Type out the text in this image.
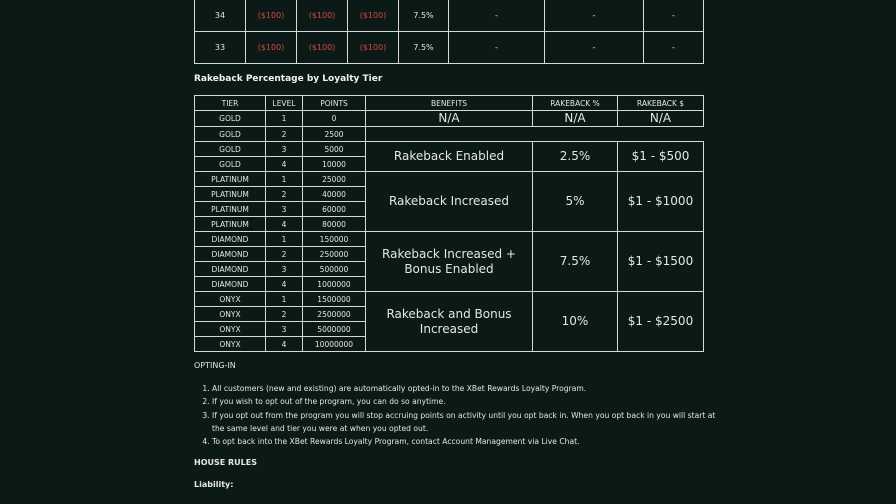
34	($100)	($100)	($100)	7.5%	-	-	-
33	($100)	($100)	($100)	7.5%	-	-	-
Rakeback Percentage by Loyalty Tier
TIER	LEVEL	POINTS	BENEFITS	RAKEBACK %	RAKEBACK $
GOLD	1	0	N/A	N/A	N/A
GOLD	2	2500			
GOLD	3	5000	Rakeback Enabled	2.5%	$1 - $500
GOLD	4	10000			
PLATINUM	1	25000	Rakeback Increased	5%	$1 - $1000
PLATINUM	2	40000			
PLATINUM	3	60000			
PLATINUM	4	80000			
DIAMOND	1	150000	Rakeback Increased + Bonus Enabled	7.5%	$1 - $1500
DIAMOND	2	250000			
DIAMOND	3	500000			
DIAMOND	4	1000000			
ONYX	1	1500000	Rakeback and Bonus Increased	10%	$1 - $2500
ONYX	2	2500000			
ONYX	3	5000000			
ONYX	4	10000000			
OPTING-IN
1. All customers (new and existing) are automatically opted-in to the XBet Rewards Loyalty Program.
2. If you wish to opt out of the program, you can do so anytime.
3. If you opt out from the program you will stop accruing points on activity until you opt back in. When you opt back in you will start at the same level and tier you were at when you opted out.
4. To opt back into the XBet Rewards Loyalty Program, contact Account Management via Live Chat.
HOUSE RULES
Liability:
